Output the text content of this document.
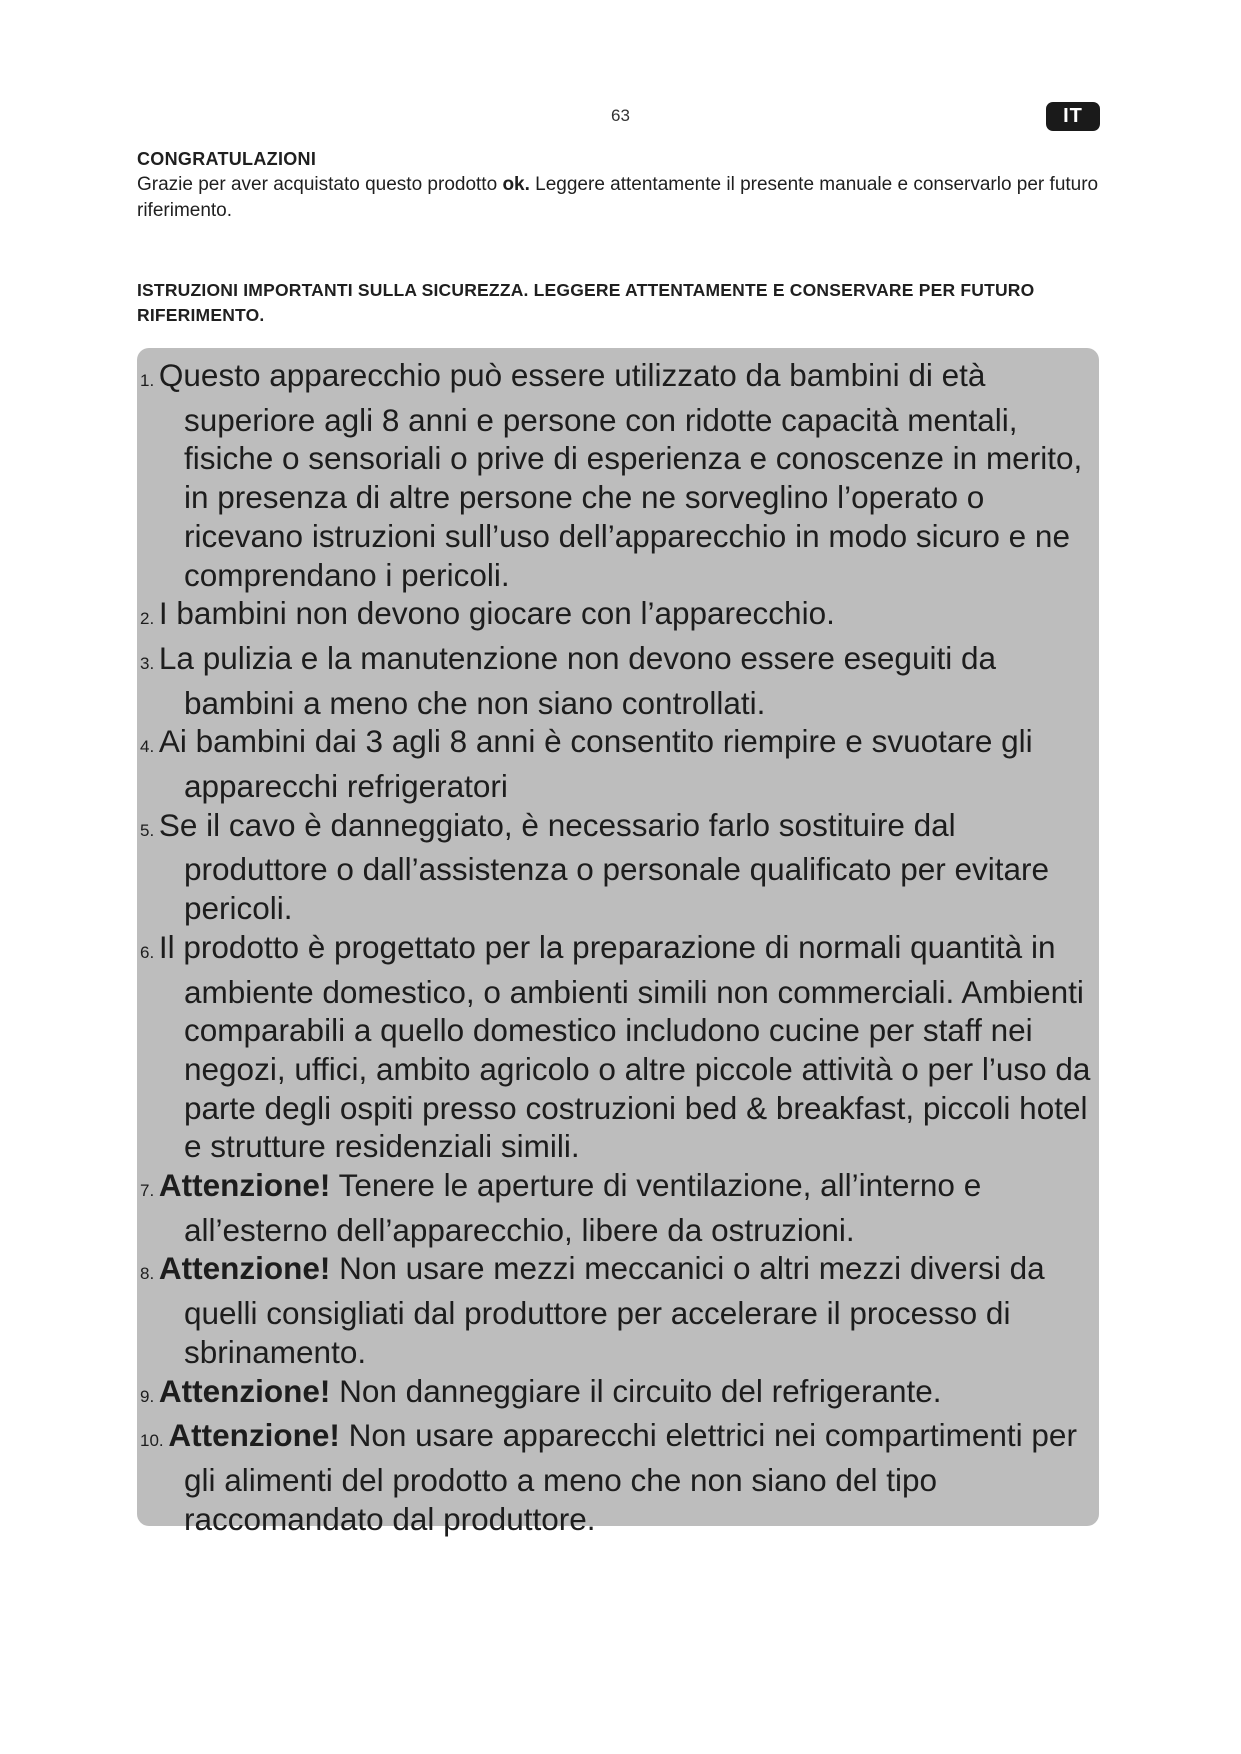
63	IT
CONGRATULAZIONI
Grazie per aver acquistato questo prodotto ok. Leggere attentamente il presente manuale e conservarlo per futuro riferimento.
ISTRUZIONI IMPORTANTI SULLA SICUREZZA. LEGGERE ATTENTAMENTE E CONSERVARE PER FUTURO RIFERIMENTO.
1. Questo apparecchio può essere utilizzato da bambini di età superiore agli 8 anni e persone con ridotte capacità mentali, fisiche o sensoriali o prive di esperienza e conoscenze in merito, in presenza di altre persone che ne sorveglino l’operato o ricevano istruzioni sull’uso dell’apparecchio in modo sicuro e ne comprendano i pericoli.
2. I bambini non devono giocare con l’apparecchio.
3. La pulizia e la manutenzione non devono essere eseguiti da bambini a meno che non siano controllati.
4. Ai bambini dai 3 agli 8 anni è consentito riempire e svuotare gli apparecchi refrigeratori
5. Se il cavo è danneggiato, è necessario farlo sostituire dal produttore o dall’assistenza o personale qualificato per evitare pericoli.
6. Il prodotto è progettato per la preparazione di normali quantità in ambiente domestico, o ambienti simili non commerciali. Ambienti comparabili a quello domestico includono cucine per staff nei negozi, uffici, ambito agricolo o altre piccole attività o per l’uso da parte degli ospiti presso costruzioni bed & breakfast, piccoli hotel e strutture residenziali simili.
7. Attenzione! Tenere le aperture di ventilazione, all’interno e all’esterno dell’apparecchio, libere da ostruzioni.
8. Attenzione! Non usare mezzi meccanici o altri mezzi diversi da quelli consigliati dal produttore per accelerare il processo di sbrinamento.
9. Attenzione! Non danneggiare il circuito del refrigerante.
10. Attenzione! Non usare apparecchi elettrici nei compartimenti per gli alimenti del prodotto a meno che non siano del tipo raccomandato dal produttore.
